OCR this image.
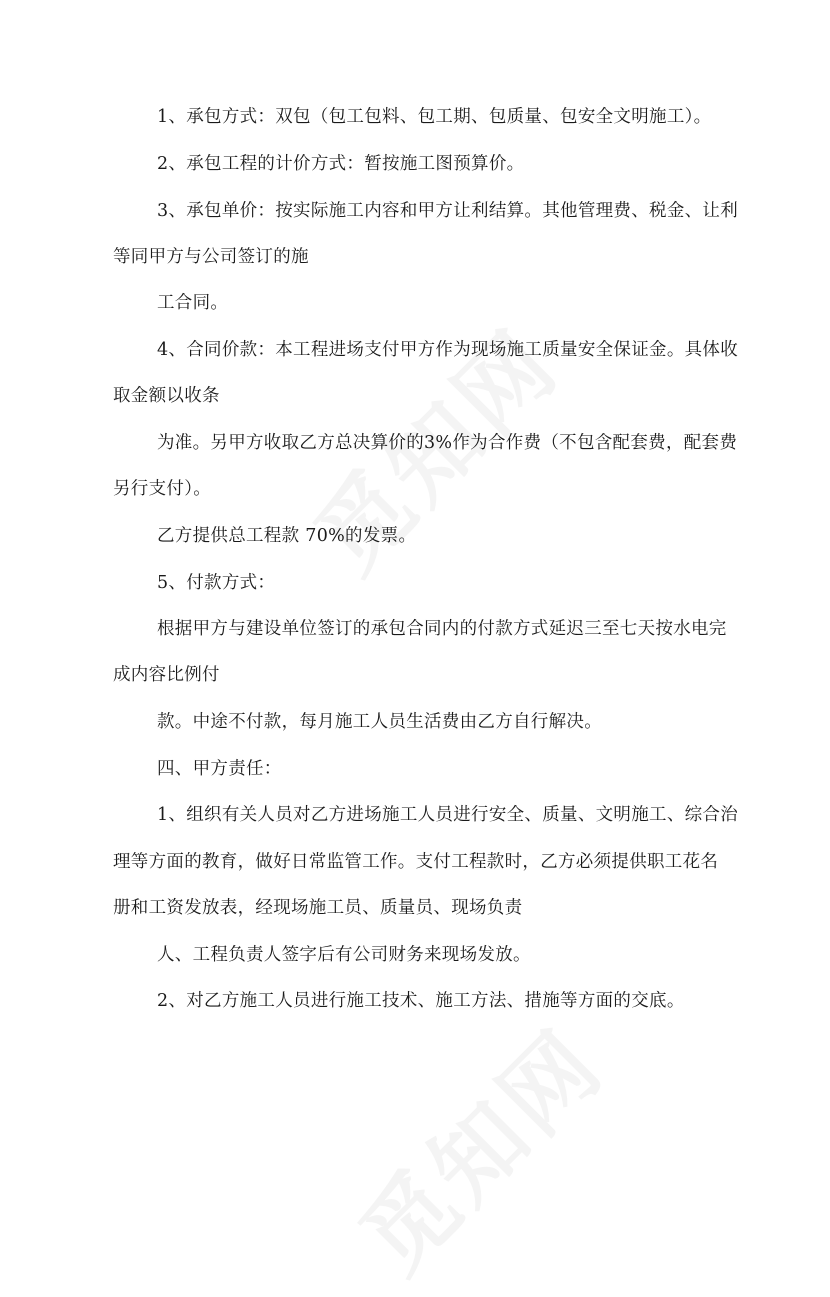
1、承包方式：双包（包工包料、包工期、包质量、包安全文明施工）。
2、承包工程的计价方式：暂按施工图预算价。
3、承包单价：按实际施工内容和甲方让利结算。其他管理费、税金、让利
等同甲方与公司签订的施
工合同。
4、合同价款：本工程进场支付甲方作为现场施工质量安全保证金。具体收
取金额以收条
为准。另甲方收取乙方总决算价的3%作为合作费（不包含配套费，配套费
另行支付）。
乙方提供总工程款 70%的发票。
5、付款方式：
根据甲方与建设单位签订的承包合同内的付款方式延迟三至七天按水电完
成内容比例付
款。中途不付款，每月施工人员生活费由乙方自行解决。
四、甲方责任：
1、组织有关人员对乙方进场施工人员进行安全、质量、文明施工、综合治
理等方面的教育，做好日常监管工作。支付工程款时，乙方必须提供职工花名
册和工资发放表，经现场施工员、质量员、现场负责
人、工程负责人签字后有公司财务来现场发放。
2、对乙方施工人员进行施工技术、施工方法、措施等方面的交底。
